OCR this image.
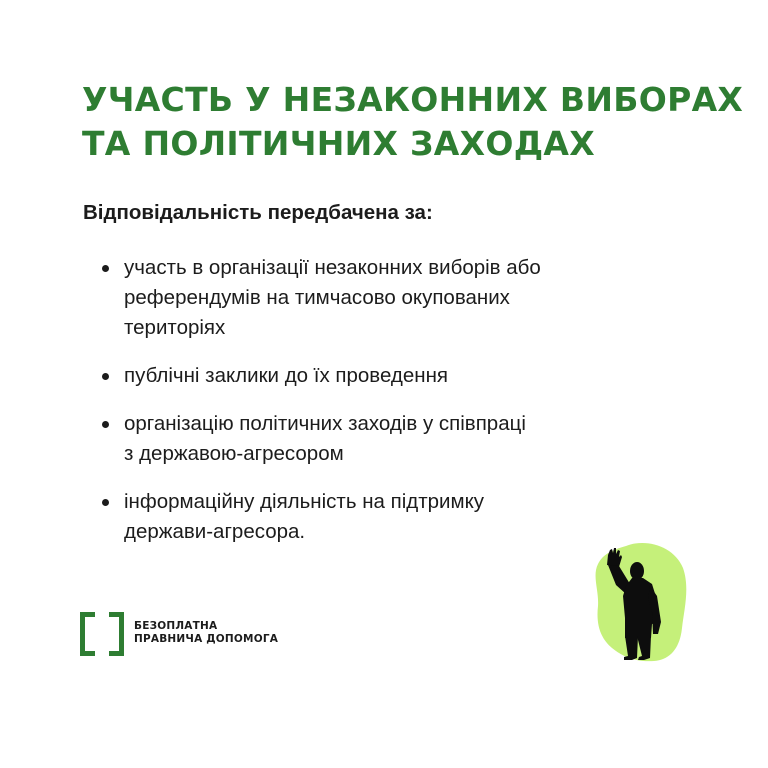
УЧАСТЬ У НЕЗАКОННИХ ВИБОРАХ
ТА ПОЛІТИЧНИХ ЗАХОДАХ

Відповідальність передбачена за:

участь в організації незаконних виборів або
референдумів на тимчасово окупованих
територіях
публічні заклики до їх проведення
організацію політичних заходів у співпраці
з державою-агресором
інформаційну діяльність на підтримку
держави-агресора.
БЕЗОПЛАТНА
ПРАВНИЧА ДОПОМОГА
